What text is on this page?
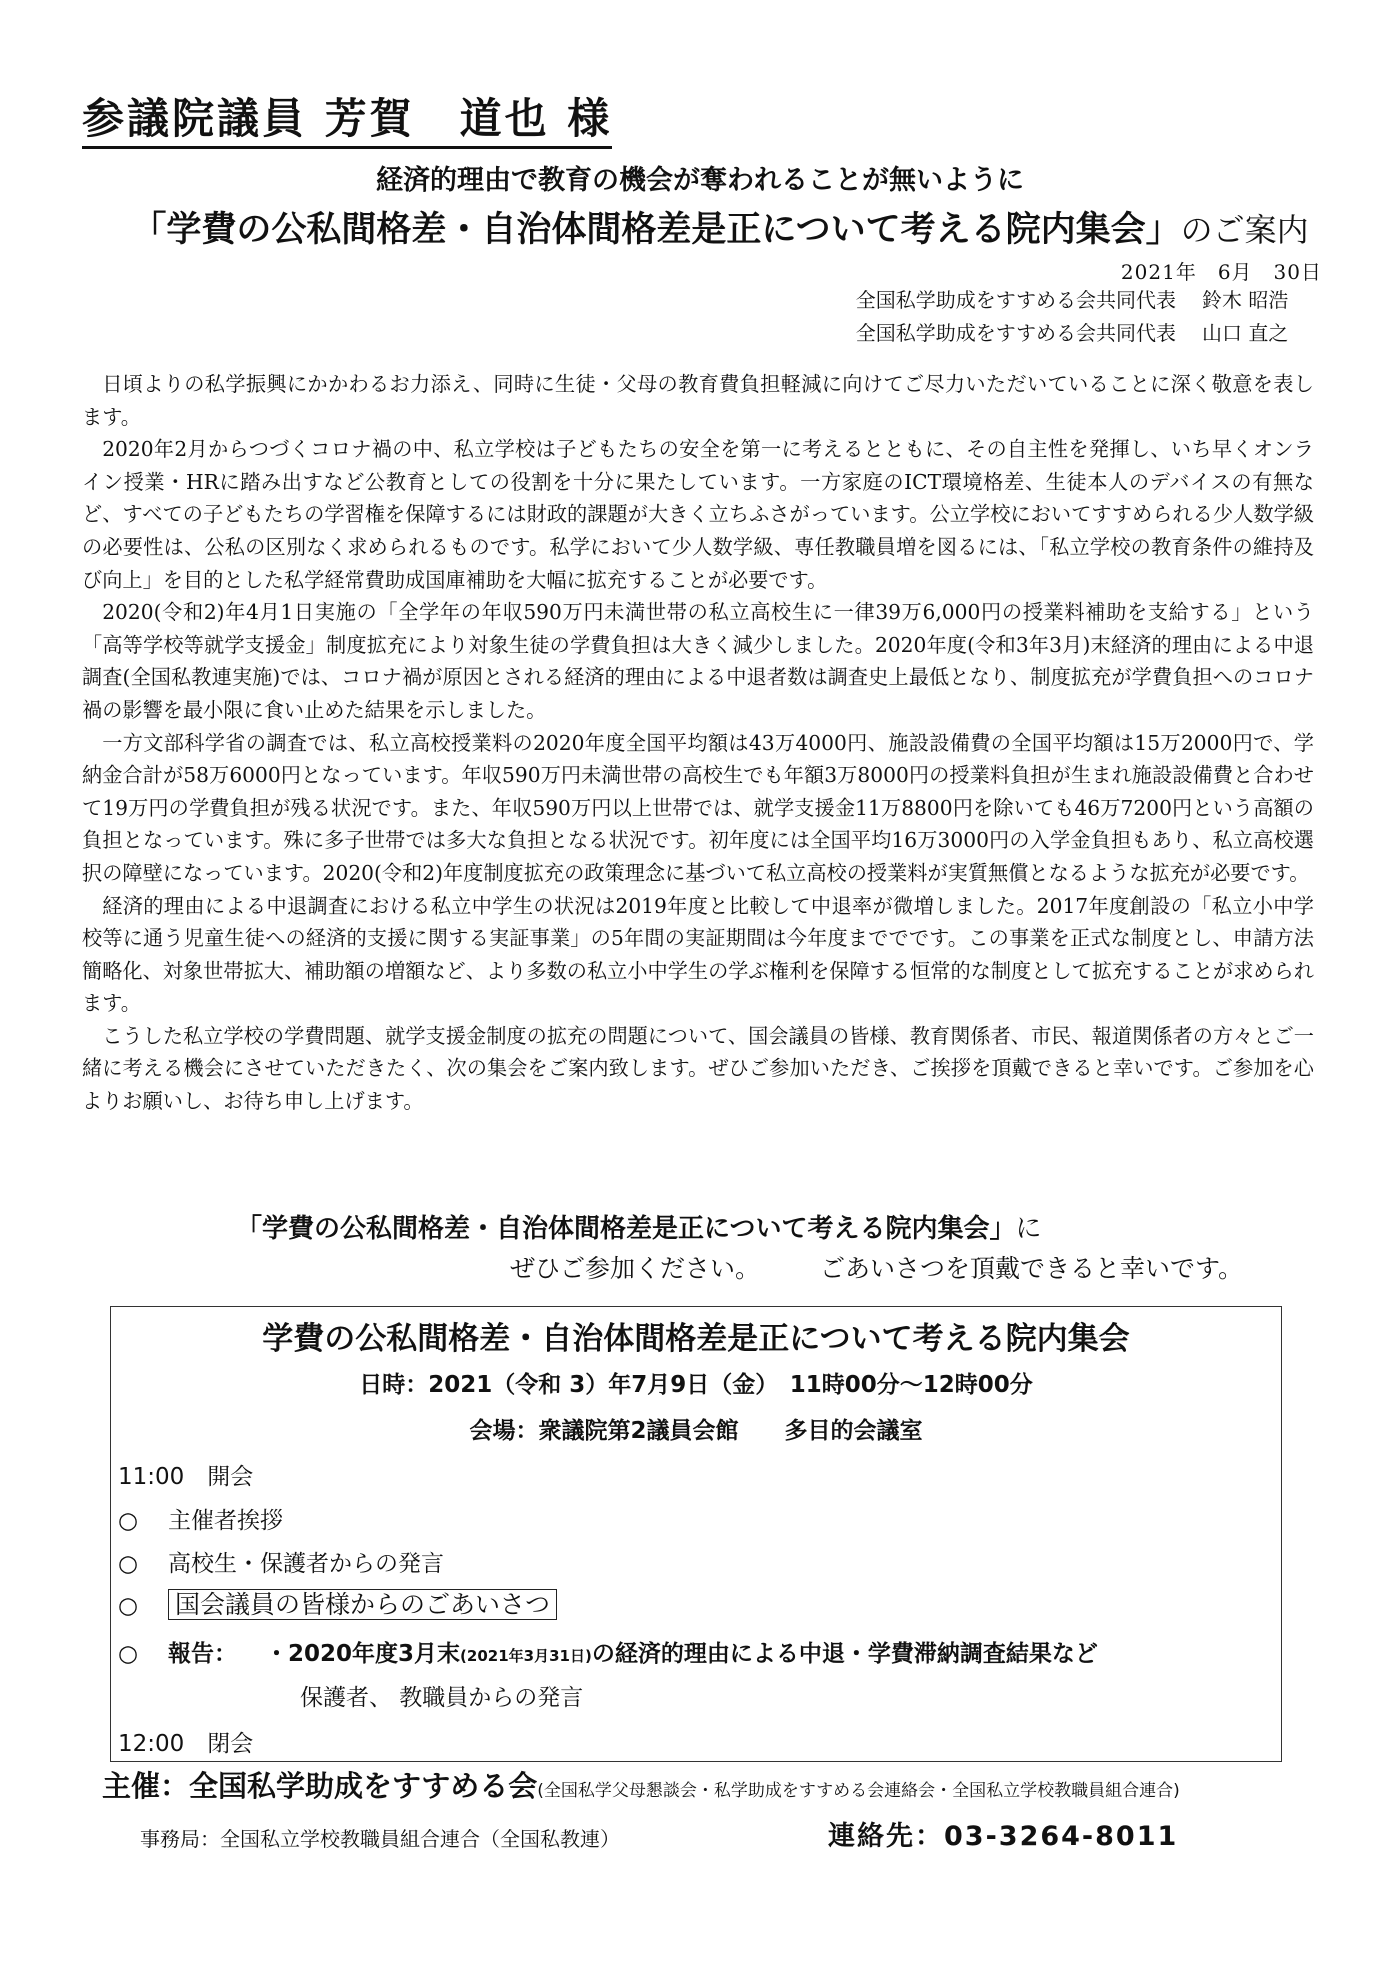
参議院議員 芳賀　道也 様
経済的理由で教育の機会が奪われることが無いように
「学費の公私間格差・自治体間格差是正について考える院内集会」のご案内
2021年　6月　30日
全国私学助成をすすめる会共同代表 鈴木 昭浩
全国私学助成をすすめる会共同代表 山口 直之

日頃よりの私学振興にかかわるお力添え、同時に生徒・父母の教育費負担軽減に向けてご尽力いただいていることに深く敬意を表します。

2020年2月からつづくコロナ禍の中、私立学校は子どもたちの安全を第一に考えるとともに、その自主性を発揮し、いち早くオンライン授業・HRに踏み出すなど公教育としての役割を十分に果たしています。一方家庭のICT環境格差、生徒本人のデバイスの有無など、すべての子どもたちの学習権を保障するには財政的課題が大きく立ちふさがっています。公立学校においてすすめられる少人数学級の必要性は、公私の区別なく求められるものです。私学において少人数学級、専任教職員増を図るには、「私立学校の教育条件の維持及び向上」を目的とした私学経常費助成国庫補助を大幅に拡充することが必要です。

2020(令和2)年4月1日実施の「全学年の年収590万円未満世帯の私立高校生に一律39万6,000円の授業料補助を支給する」という「高等学校等就学支援金」制度拡充により対象生徒の学費負担は大きく減少しました。2020年度(令和3年3月)末経済的理由による中退調査(全国私教連実施)では、コロナ禍が原因とされる経済的理由による中退者数は調査史上最低となり、制度拡充が学費負担へのコロナ禍の影響を最小限に食い止めた結果を示しました。

一方文部科学省の調査では、私立高校授業料の2020年度全国平均額は43万4000円、施設設備費の全国平均額は15万2000円で、学納金合計が58万6000円となっています。年収590万円未満世帯の高校生でも年額3万8000円の授業料負担が生まれ施設設備費と合わせて19万円の学費負担が残る状況です。また、年収590万円以上世帯では、就学支援金11万8800円を除いても46万7200円という高額の負担となっています。殊に多子世帯では多大な負担となる状況です。初年度には全国平均16万3000円の入学金負担もあり、私立高校選択の障壁になっています。2020(令和2)年度制度拡充の政策理念に基づいて私立高校の授業料が実質無償となるような拡充が必要です。

経済的理由による中退調査における私立中学生の状況は2019年度と比較して中退率が微増しました。2017年度創設の「私立小中学校等に通う児童生徒への経済的支援に関する実証事業」の5年間の実証期間は今年度まででです。この事業を正式な制度とし、申請方法簡略化、対象世帯拡大、補助額の増額など、より多数の私立小中学生の学ぶ権利を保障する恒常的な制度として拡充することが求められます。

こうした私立学校の学費問題、就学支援金制度の拡充の問題について、国会議員の皆様、教育関係者、市民、報道関係者の方々とご一緒に考える機会にさせていただきたく、次の集会をご案内致します。ぜひご参加いただき、ご挨拶を頂戴できると幸いです。ご参加を心よりお願いし、お待ち申し上げます。

「学費の公私間格差・自治体間格差是正について考える院内集会」に
ぜひご参加ください。 ごあいさつを頂戴できると幸いです。
学費の公私間格差・自治体間格差是正について考える院内集会
日時：2021（令和 3）年7月9日（金）　11時00分～12時00分
会場：衆議院第2議員会館　　多目的会議室
11:00　開会
○ 主催者挨拶
○ 高校生・保護者からの発言
○ 国会議員の皆様からのごあいさつ
○ 報告： ・2020年度3月末(2021年3月31日)の経済的理由による中退・学費滞納調査結果など
保護者、 教職員からの発言
12:00　閉会
主催：全国私学助成をすすめる会(全国私学父母懇談会・私学助成をすすめる会連絡会・全国私立学校教職員組合連合)
事務局：全国私立学校教職員組合連合（全国私教連）	連絡先：03-3264-8011
